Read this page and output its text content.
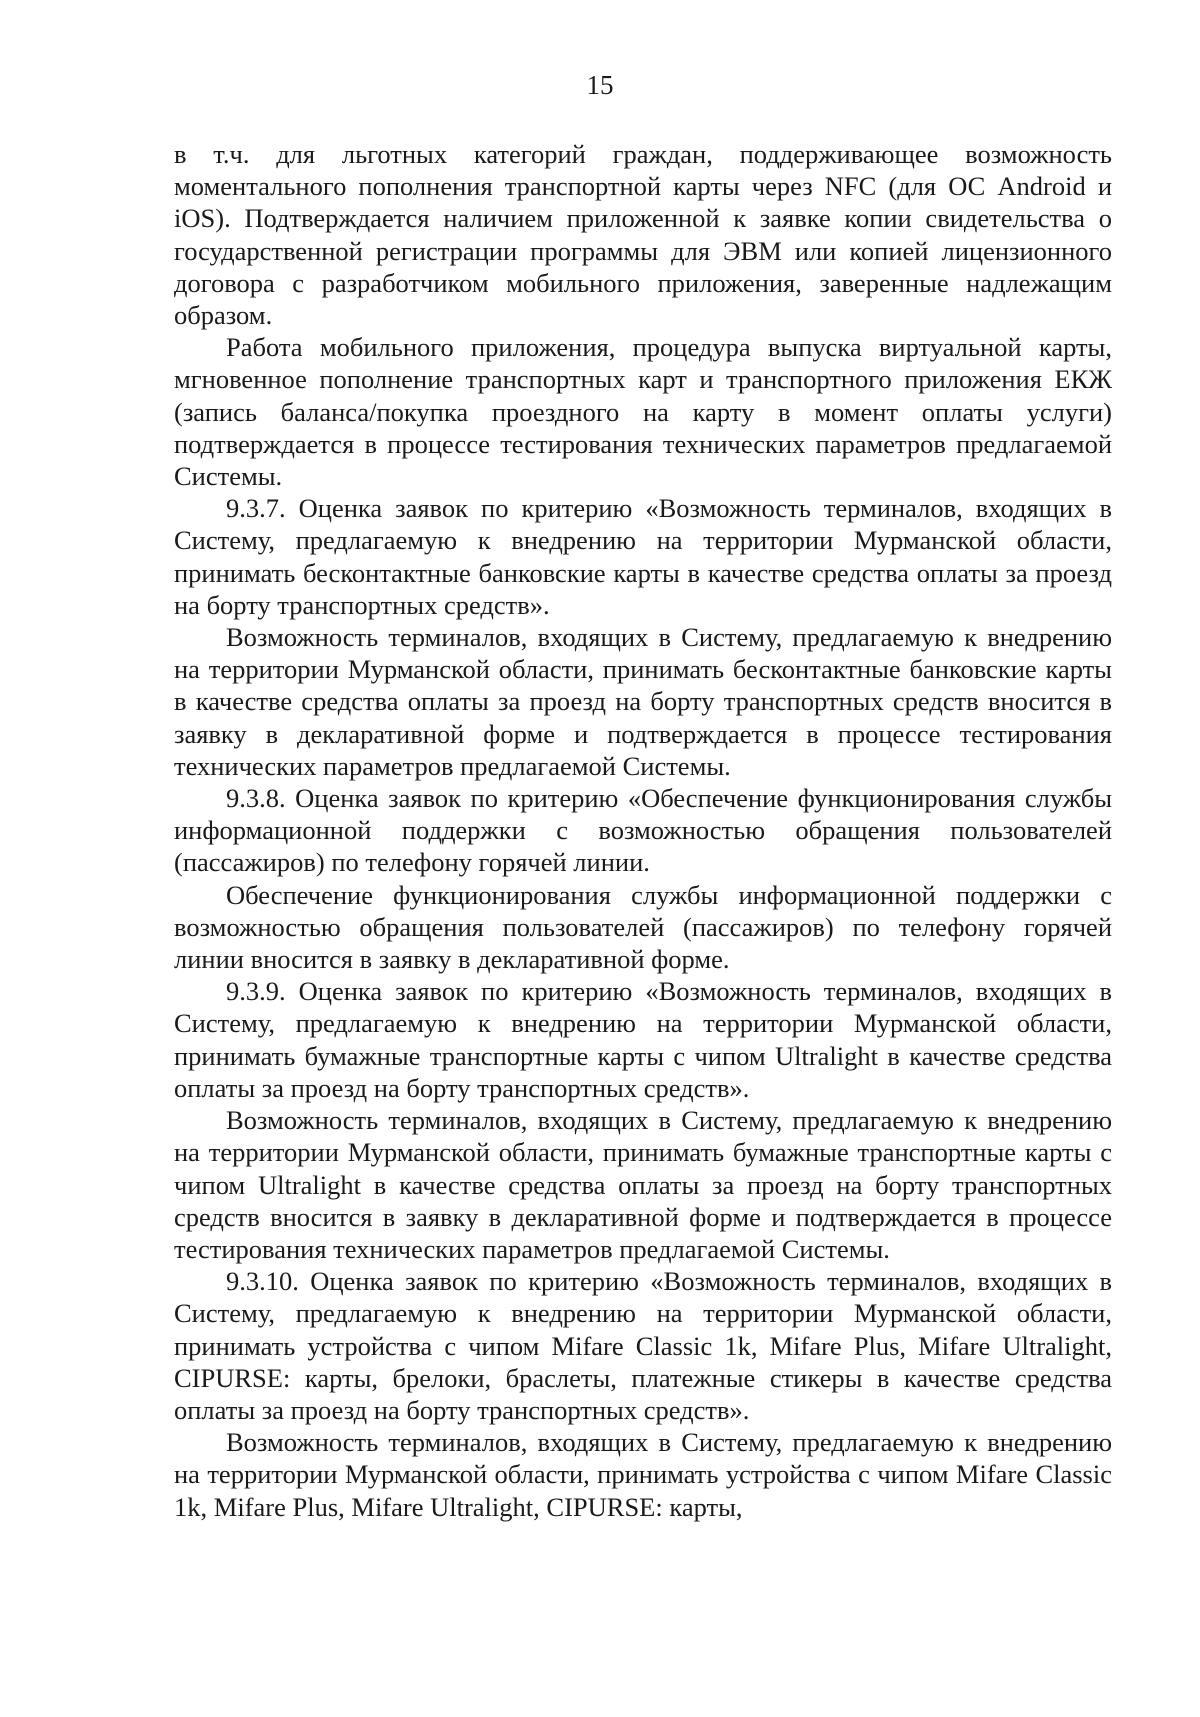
15

в т.ч. для льготных категорий граждан, поддерживающее возможность моментального пополнения транспортной карты через NFC (для ОС Android и iOS). Подтверждается наличием приложенной к заявке копии свидетельства о государственной регистрации программы для ЭВМ или копией лицензионного договора с разработчиком мобильного приложения, заверенные надлежащим образом.

Работа мобильного приложения, процедура выпуска виртуальной карты, мгновенное пополнение транспортных карт и транспортного приложения ЕКЖ (запись баланса/покупка проездного на карту в момент оплаты услуги) подтверждается в процессе тестирования технических параметров предлагаемой Системы.

9.3.7. Оценка заявок по критерию «Возможность терминалов, входящих в Систему, предлагаемую к внедрению на территории Мурманской области, принимать бесконтактные банковские карты в качестве средства оплаты за проезд на борту транспортных средств».

Возможность терминалов, входящих в Систему, предлагаемую к внедрению на территории Мурманской области, принимать бесконтактные банковские карты в качестве средства оплаты за проезд на борту транспортных средств вносится в заявку в декларативной форме и подтверждается в процессе тестирования технических параметров предлагаемой Системы.

9.3.8. Оценка заявок по критерию «Обеспечение функционирования службы информационной поддержки с возможностью обращения пользователей (пассажиров) по телефону горячей линии.

Обеспечение функционирования службы информационной поддержки с возможностью обращения пользователей (пассажиров) по телефону горячей линии вносится в заявку в декларативной форме.

9.3.9. Оценка заявок по критерию «Возможность терминалов, входящих в Систему, предлагаемую к внедрению на территории Мурманской области, принимать бумажные транспортные карты с чипом Ultralight в качестве средства оплаты за проезд на борту транспортных средств».

Возможность терминалов, входящих в Систему, предлагаемую к внедрению на территории Мурманской области, принимать бумажные транспортные карты с чипом Ultralight в качестве средства оплаты за проезд на борту транспортных средств вносится в заявку в декларативной форме и подтверждается в процессе тестирования технических параметров предлагаемой Системы.

9.3.10. Оценка заявок по критерию «Возможность терминалов, входящих в Систему, предлагаемую к внедрению на территории Мурманской области, принимать устройства с чипом Mifare Classic 1k, Mifare Plus, Mifare Ultralight, CIPURSE: карты, брелоки, браслеты, платежные стикеры в качестве средства оплаты за проезд на борту транспортных средств».

Возможность терминалов, входящих в Систему, предлагаемую к внедрению на территории Мурманской области, принимать устройства с чипом Mifare Classic 1k, Mifare Plus, Mifare Ultralight, CIPURSE: карты,
